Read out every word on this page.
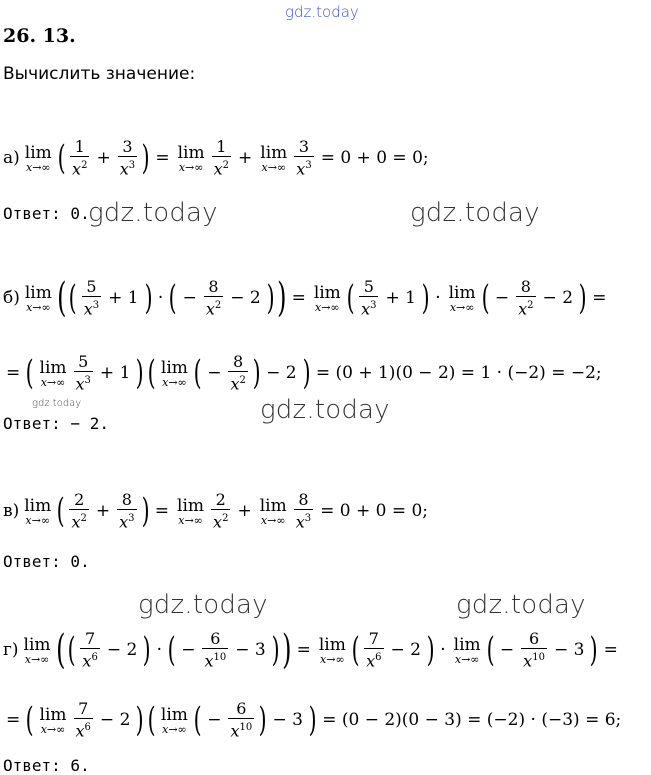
gdz.today
gdz.today	gdz.today
gdz.today
gdz.today
gdz.today	gdz.today
26. 13.
Вычислить значение:
а) lim
x→∞ ( $\frac{1}{x^2} + \frac{3}{x^3}$ ) = lim
$x\to\infty \frac{1}{x^2} + \lim$
$x\to\infty \frac{3}{x^3} = 0 + 0 = 0$;
Ответ: 0.
б) lim
x→∞ ( ( $\frac{5}{x^3} + 1$ ) · ( − $\frac{8}{x^2} - 2$ ) ) = lim
x→∞ ( $\frac{5}{x^3} + 1$ ) · lim
x→∞ ( − $\frac{8}{x^2} - 2$ ) =
= ( lim
$x\to\infty \frac{5}{x^3} + 1$ ) ( lim
x→∞ ( − $\frac{8}{x^2}$ ) − 2 ) = (0 + 1)(0 − 2) = 1 · (−2) = −2;
Ответ: − 2.
в) lim
x→∞ ( $\frac{2}{x^2} + \frac{8}{x^3}$ ) = lim
$x\to\infty \frac{2}{x^2} + \lim$
$x\to\infty \frac{8}{x^3} = 0 + 0 = 0$;
Ответ: 0.
г) lim
x→∞ ( ( $\frac{7}{x^6} - 2$ ) · ( − $\frac{6}{x^{10}} - 3$ ) ) = lim
x→∞ ( $\frac{7}{x^6} - 2$ ) · lim
x→∞ ( − $\frac{6}{x^{10}} - 3$ ) =
= ( lim
$x\to\infty \frac{7}{x^6} - 2$ ) ( lim
x→∞ ( − $\frac{6}{x^{10}}$ ) − 3 ) = (0 − 2)(0 − 3) = (−2) · (−3) = 6;
Ответ: 6.
